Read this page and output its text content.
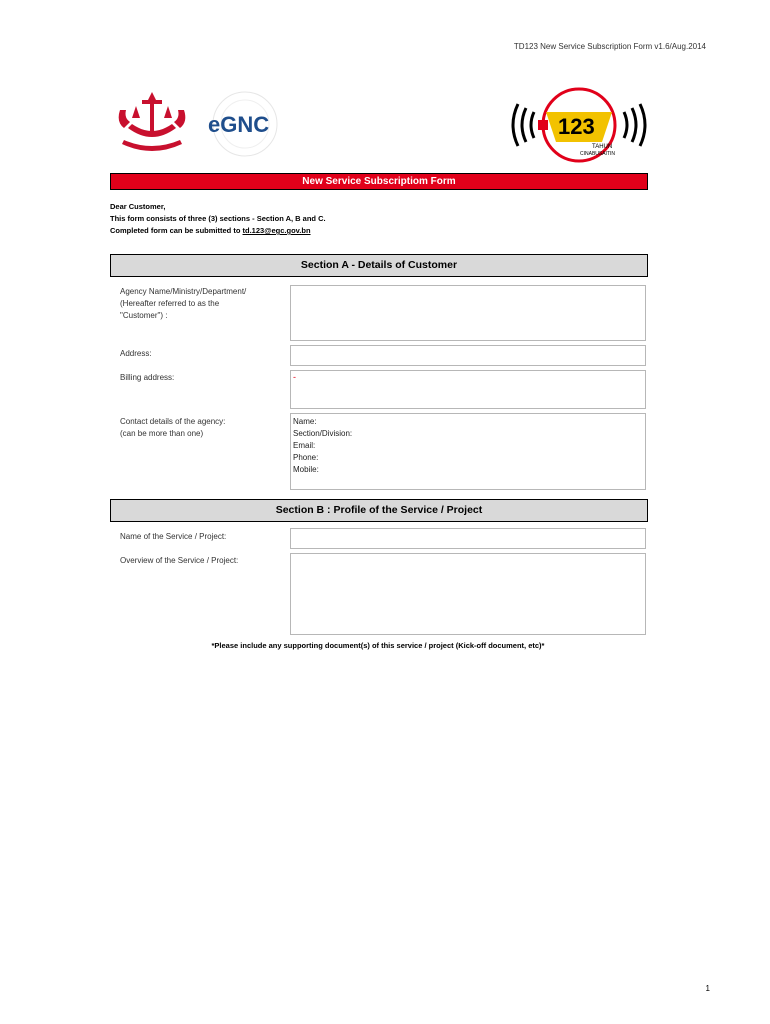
TD123 New Service Subscription Form v1.6/Aug.2014
eGNC	123
TAHUN
CINABUSAITIN
New Service Subscriptiom Form
Dear Customer,
This form consists of three (3) sections - Section A, B and C.
Completed form can be submitted to td.123@egc.gov.bn
Section A - Details of Customer
Agency Name/Ministry/Department/
(Hereafter referred to as the
"Customer") :
Address:
Billing address:	-
Contact details of the agency:
(can be more than one)
Name:
Section/Division:
Email:
Phone:
Mobile:
Section B : Profile of the Service / Project
Name of the Service / Project:
Overview of the Service / Project:
*Please include any supporting document(s) of this service / project (Kick-off document, etc)*
1
